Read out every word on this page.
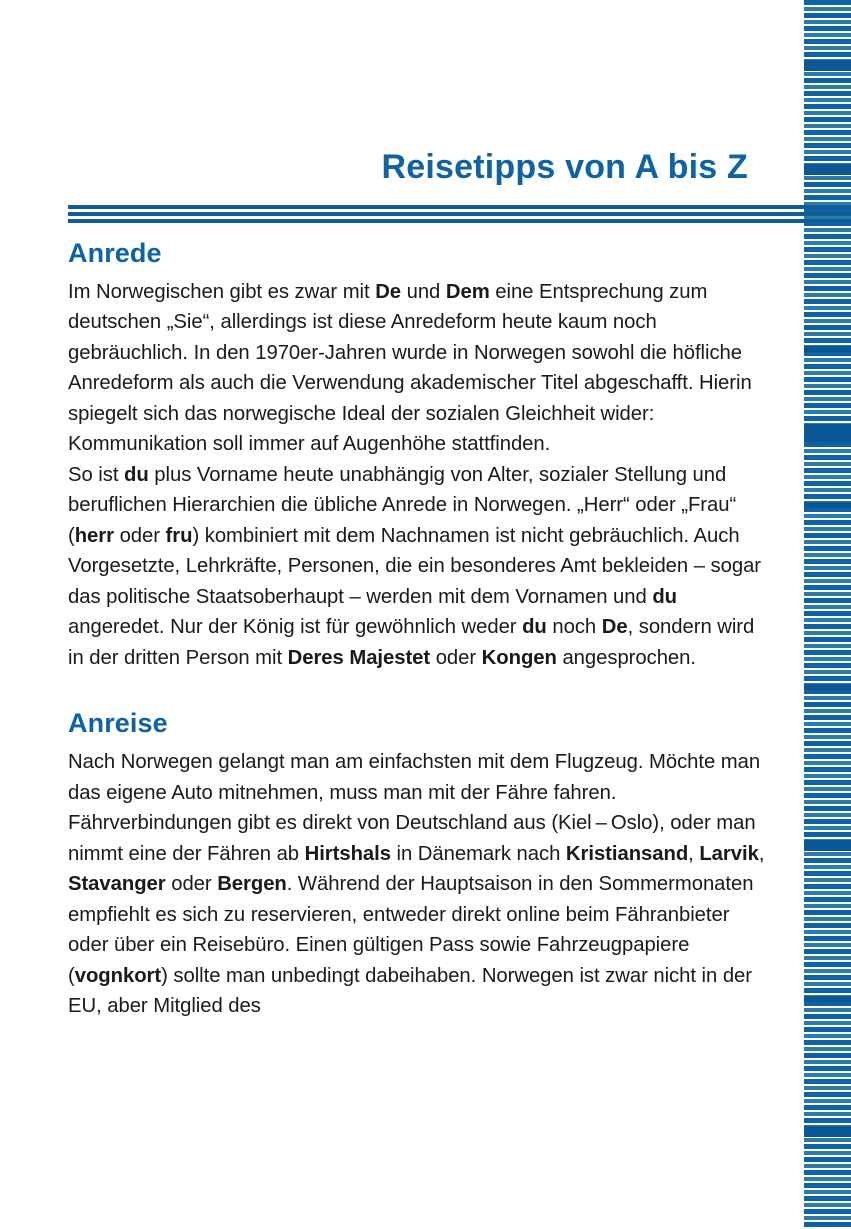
Reisetipps von A bis Z
Anrede

Im Norwegischen gibt es zwar mit De und Dem eine Entsprechung zum deutschen „Sie“, allerdings ist diese Anredeform heute kaum noch gebräuchlich. In den 1970er-Jahren wurde in Norwegen sowohl die höfliche Anredeform als auch die Verwendung akademischer Titel abgeschafft. Hierin spiegelt sich das norwegische Ideal der sozialen Gleichheit wider: Kommunikation soll immer auf Augenhöhe stattfinden.

So ist du plus Vorname heute unabhängig von Alter, sozialer Stellung und beruflichen Hierarchien die übliche Anrede in Norwegen. „Herr“ oder „Frau“ (herr oder fru) kombiniert mit dem Nachnamen ist nicht gebräuchlich. Auch Vorgesetzte, Lehrkräfte, Personen, die ein besonderes Amt bekleiden – sogar das politische Staatsoberhaupt – werden mit dem Vornamen und du angeredet. Nur der König ist für gewöhnlich weder du noch De, sondern wird in der dritten Person mit Deres Majestet oder Kongen angesprochen.

Anreise

Nach Norwegen gelangt man am einfachsten mit dem Flugzeug. Möchte man das eigene Auto mitnehmen, muss man mit der Fähre fahren. Fährverbindungen gibt es direkt von Deutschland aus (Kiel – Oslo), oder man nimmt eine der Fähren ab Hirtshals in Dänemark nach Kristiansand, Larvik, Stavanger oder Bergen. Während der Hauptsaison in den Sommermonaten empfiehlt es sich zu reservieren, entweder direkt online beim Fähranbieter oder über ein Reisebüro. Einen gültigen Pass sowie Fahrzeugpapiere (vognkort) sollte man unbedingt dabeihaben. Norwegen ist zwar nicht in der EU, aber Mitglied des
